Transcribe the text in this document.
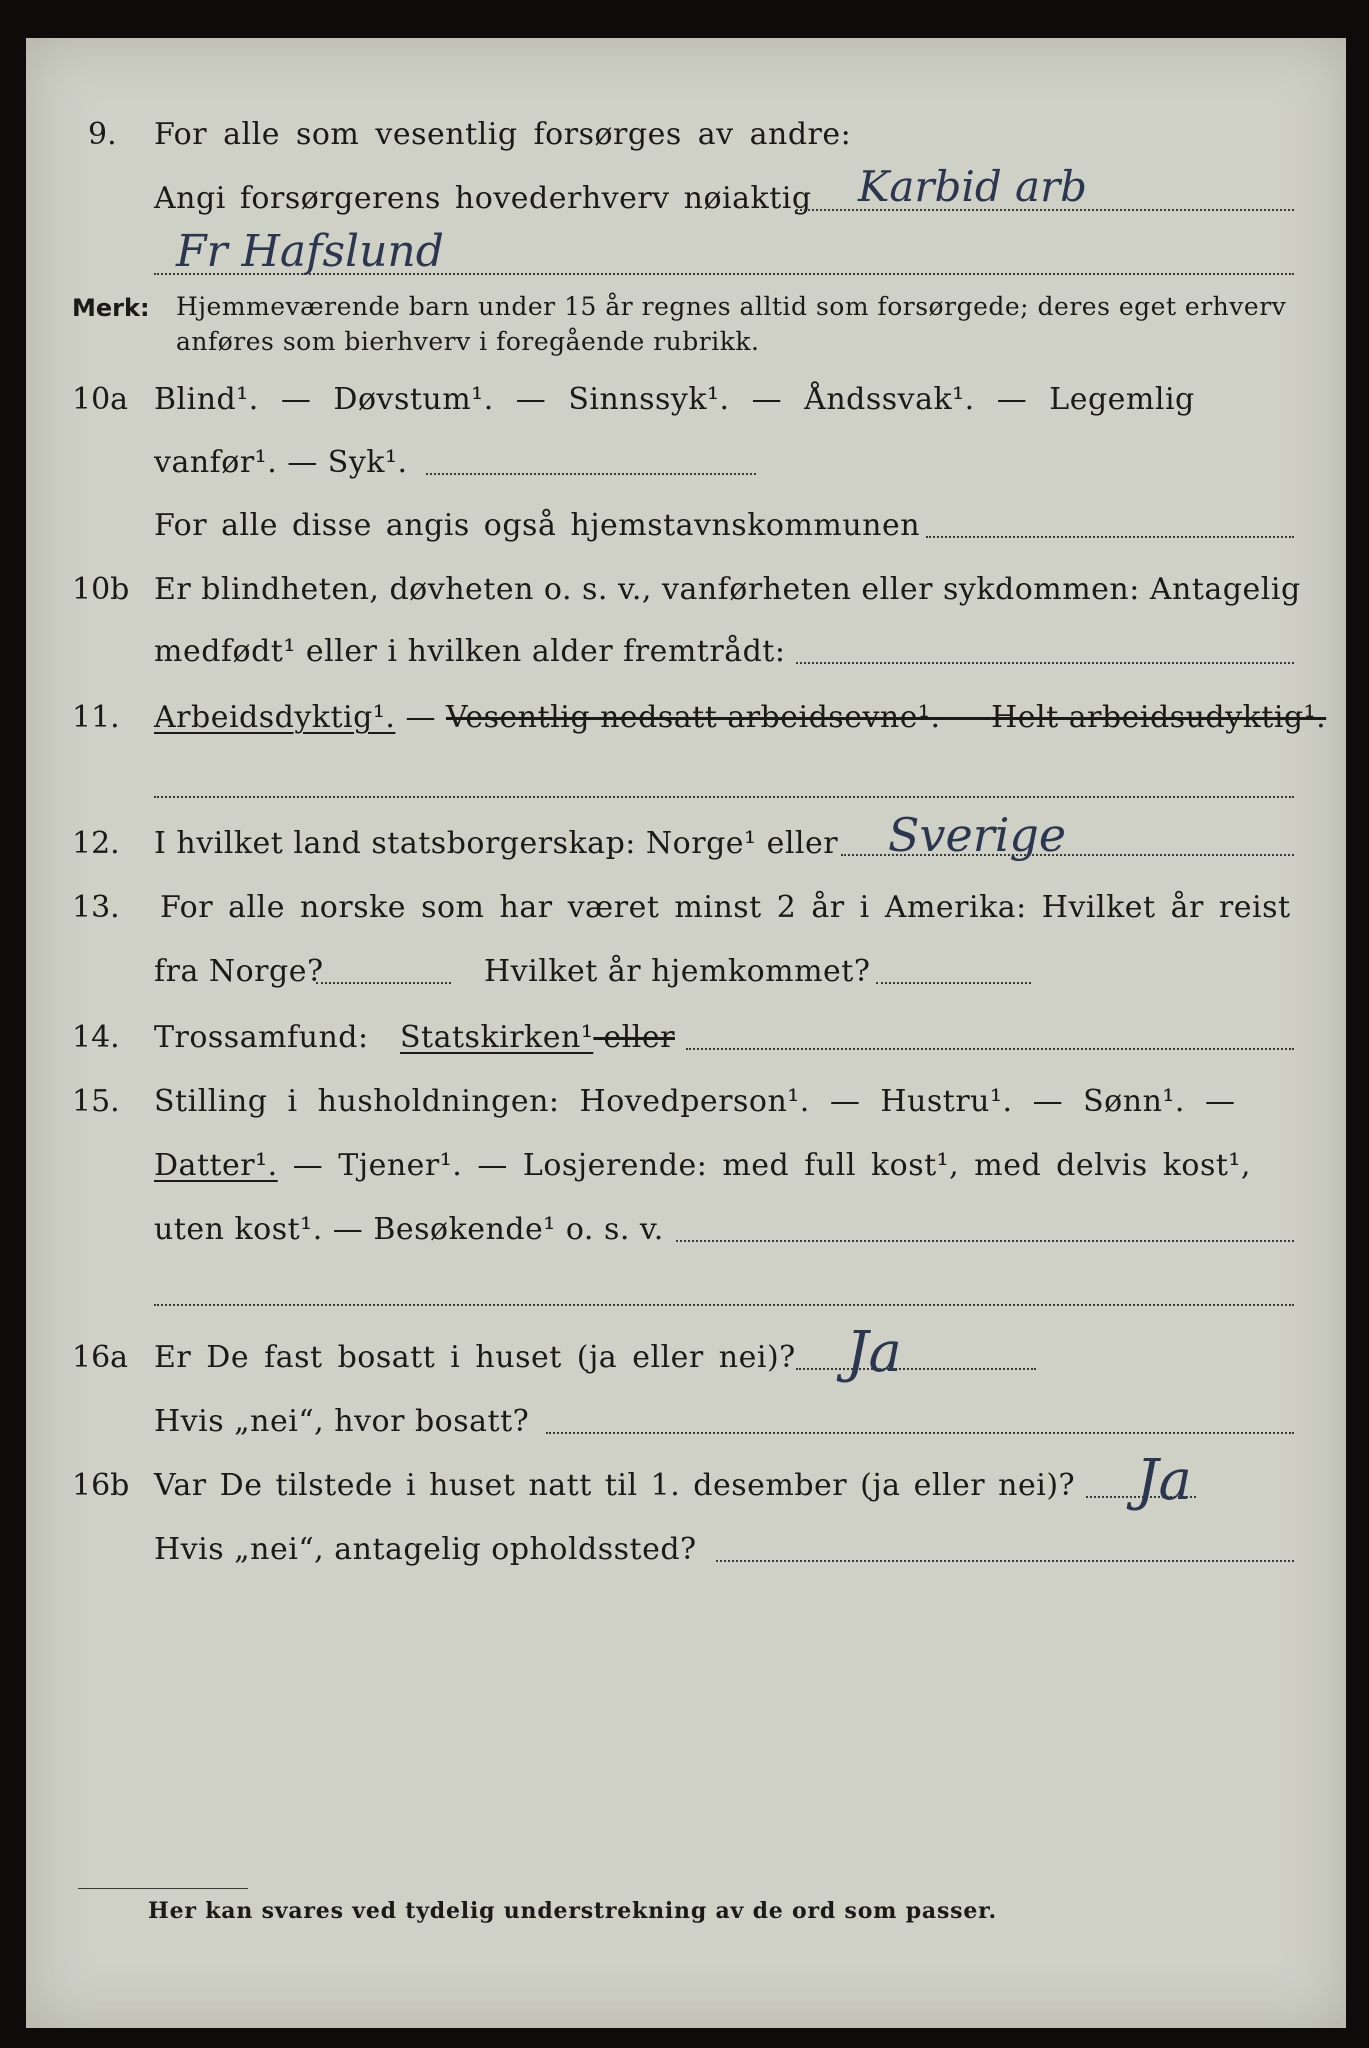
9. For alle som vesentlig forsørges av andre:
Angi forsørgerens hovederhverv nøiaktig Karbid arb
Fr Hafslund
Merk: Hjemmeværende barn under 15 år regnes alltid som forsørgede; deres eget erhverv
anføres som bierhverv i foregående rubrikk.
10a Blind¹. — Døvstum¹. — Sinnssyk¹. — Åndssvak¹. — Legemlig
vanfør¹. — Syk¹.
For alle disse angis også hjemstavnskommunen
10b Er blindheten, døvheten o. s. v., vanførheten eller sykdommen: Antagelig
medfødt¹ eller i hvilken alder fremtrådt:
11. Arbeidsdyktig¹. — Vesentlig nedsatt arbeidsevne¹. — Helt arbeidsudyktig¹.
12. I hvilket land statsborgerskap: Norge¹ eller Sverige
13. For alle norske som har været minst 2 år i Amerika: Hvilket år reist
fra Norge?	Hvilket år hjemkommet?
14. Trossamfund: Statskirken¹ eller
15. Stilling i husholdningen: Hovedperson¹. — Hustru¹. — Sønn¹. —
Datter¹. — Tjener¹. — Losjerende: med full kost¹, med delvis kost¹,
uten kost¹. — Besøkende¹ o. s. v.
16a Er De fast bosatt i huset (ja eller nei)? Ja
Hvis „nei“, hvor bosatt?
16b Var De tilstede i huset natt til 1. desember (ja eller nei)? Ja
Hvis „nei“, antagelig opholdssted?
Her kan svares ved tydelig understrekning av de ord som passer.
